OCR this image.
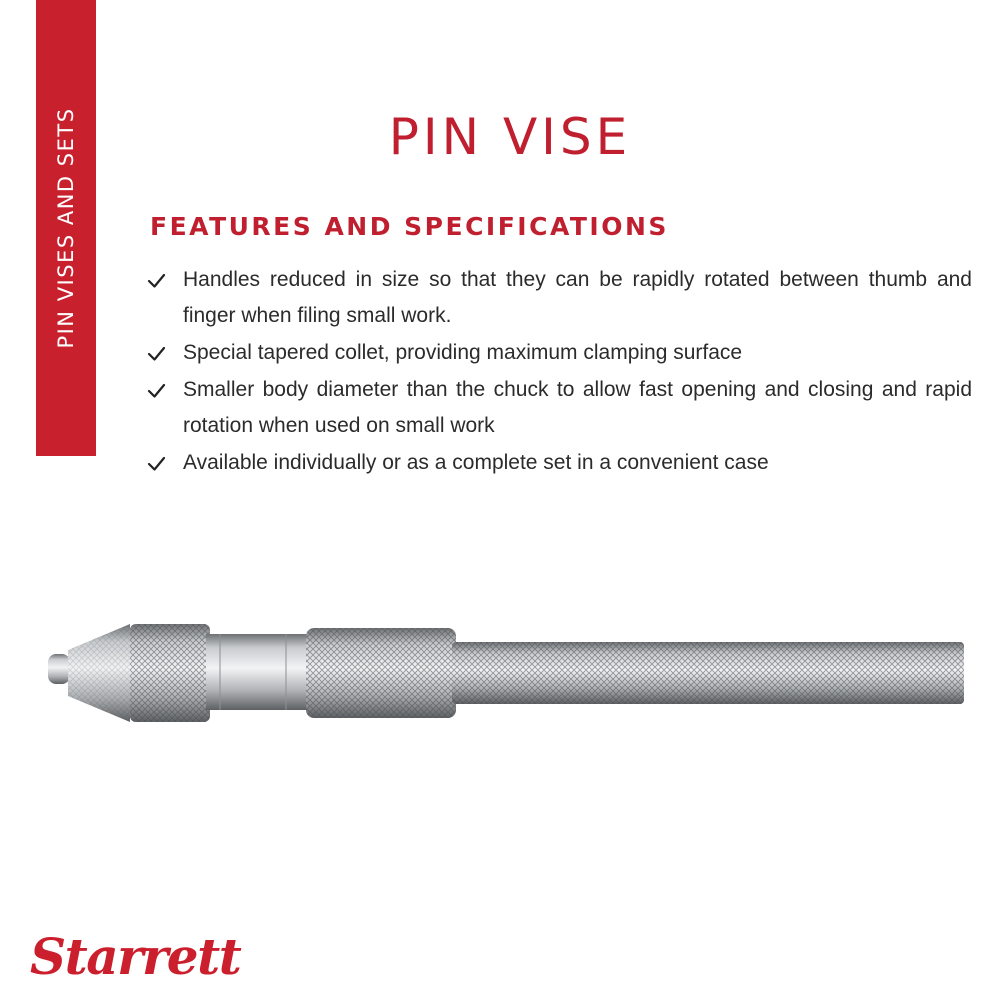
PIN VISES AND SETS	PIN VISE
FEATURES AND SPECIFICATIONS
Handles reduced in size so that they can be rapidly rotated between thumb and finger when filing small work.
Special tapered collet, providing maximum clamping surface
Smaller body diameter than the chuck to allow fast opening and closing and rapid rotation when used on small work
Available individually or as a complete set in a convenient case
Starrett
